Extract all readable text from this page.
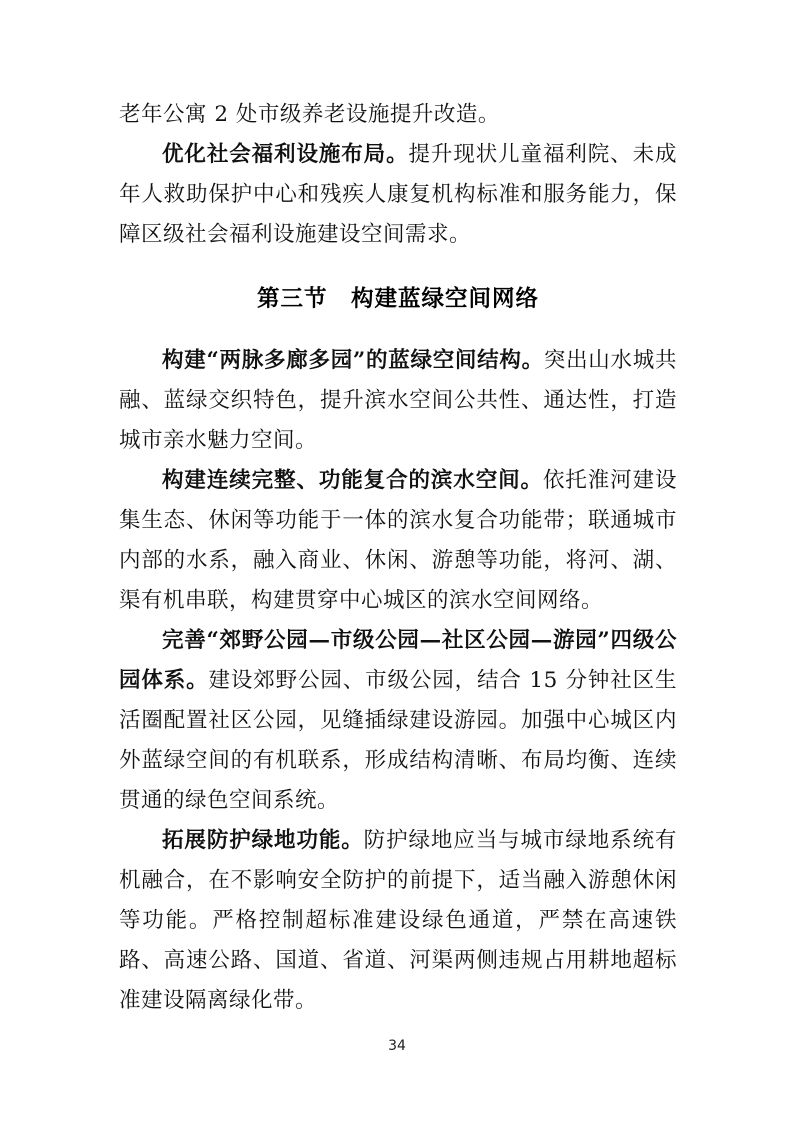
老年公寓 2 处市级养老设施提升改造。

优化社会福利设施布局。提升现状儿童福利院、未成年人救助保护中心和残疾人康复机构标准和服务能力，保障区级社会福利设施建设空间需求。

第三节　构建蓝绿空间网络

构建“两脉多廊多园”的蓝绿空间结构。突出山水城共融、蓝绿交织特色，提升滨水空间公共性、通达性，打造城市亲水魅力空间。

构建连续完整、功能复合的滨水空间。依托淮河建设集生态、休闲等功能于一体的滨水复合功能带；联通城市内部的水系，融入商业、休闲、游憩等功能，将河、湖、渠有机串联，构建贯穿中心城区的滨水空间网络。

完善“郊野公园—市级公园—社区公园—游园”四级公园体系。建设郊野公园、市级公园，结合 15 分钟社区生活圈配置社区公园，见缝插绿建设游园。加强中心城区内外蓝绿空间的有机联系，形成结构清晰、布局均衡、连续贯通的绿色空间系统。

拓展防护绿地功能。防护绿地应当与城市绿地系统有机融合，在不影响安全防护的前提下，适当融入游憩休闲等功能。严格控制超标准建设绿色通道，严禁在高速铁路、高速公路、国道、省道、河渠两侧违规占用耕地超标准建设隔离绿化带。

34
